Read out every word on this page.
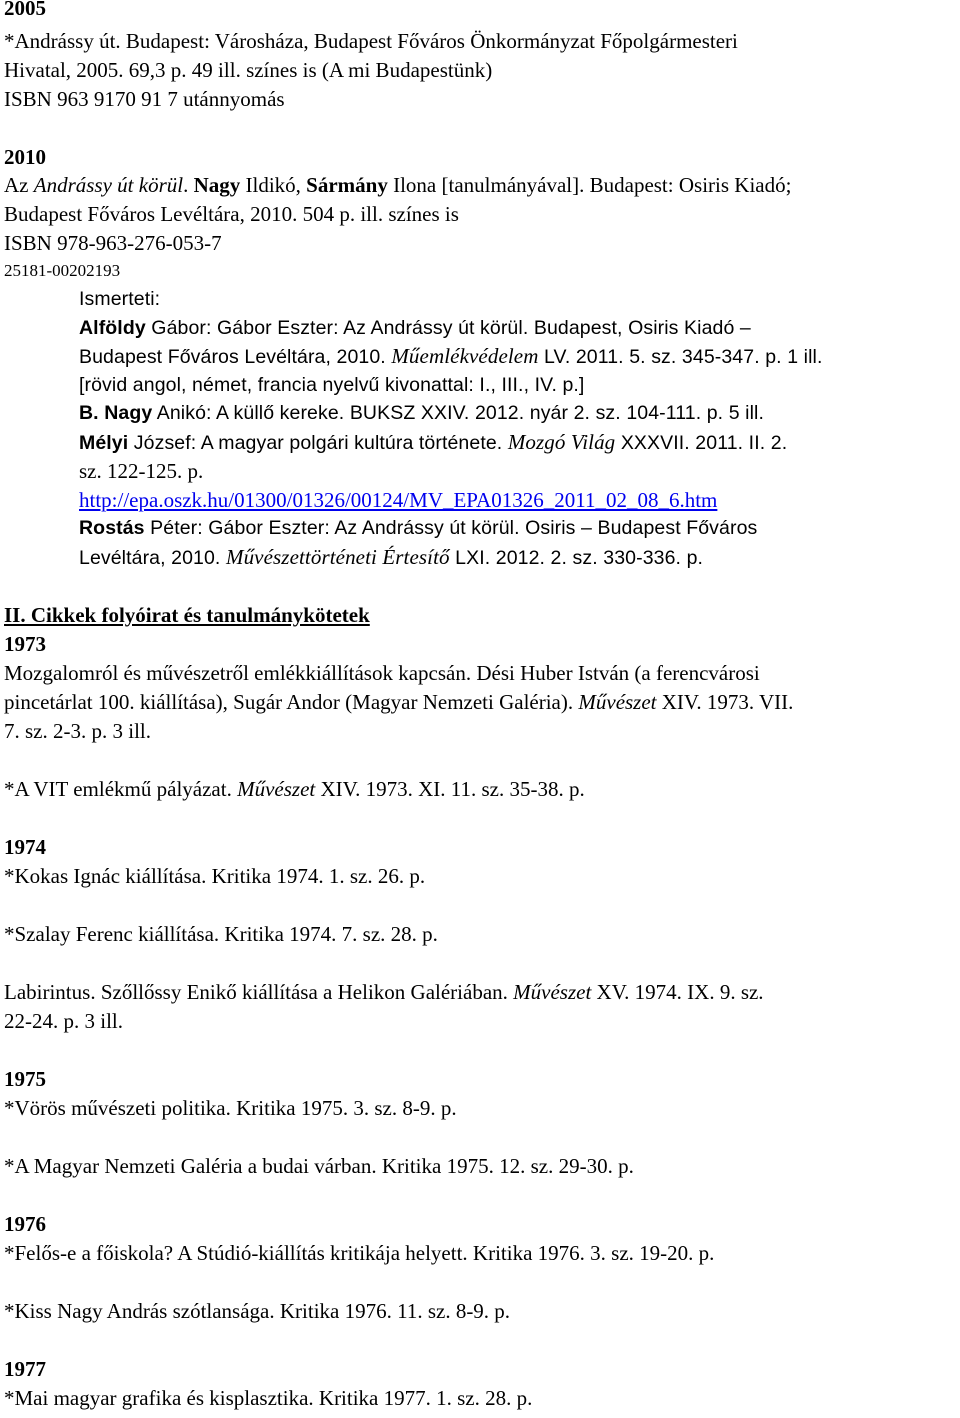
2005
*Andrássy út. Budapest: Városháza, Budapest Főváros Önkormányzat Főpolgármesteri
Hivatal, 2005. 69,3 p. 49 ill. színes is (A mi Budapestünk)
ISBN 963 9170 91 7 utánnyomás
2010
Az Andrássy út körül. Nagy Ildikó, Sármány Ilona [tanulmányával]. Budapest: Osiris Kiadó;
Budapest Főváros Levéltára, 2010. 504 p. ill. színes is
ISBN 978-963-276-053-7
25181-00202193
Ismerteti:
Alföldy Gábor: Gábor Eszter: Az Andrássy út körül. Budapest, Osiris Kiadó –
Budapest Főváros Levéltára, 2010. Műemlékvédelem LV. 2011. 5. sz. 345-347. p. 1 ill.
[rövid angol, német, francia nyelvű kivonattal: I., III., IV. p.]
B. Nagy Anikó: A küllő kereke. BUKSZ XXIV. 2012. nyár 2. sz. 104-111. p. 5 ill.
Mélyi József: A magyar polgári kultúra története. Mozgó Világ XXXVII. 2011. II. 2.
sz. 122-125. p.
http://epa.oszk.hu/01300/01326/00124/MV_EPA01326_2011_02_08_6.htm
Rostás Péter: Gábor Eszter: Az Andrássy út körül. Osiris – Budapest Főváros
Levéltára, 2010. Művészettörténeti Értesítő LXI. 2012. 2. sz. 330-336. p.
II. Cikkek folyóirat és tanulmánykötetek
1973
Mozgalomról és művészetről emlékkiállítások kapcsán. Dési Huber István (a ferencvárosi
pincetárlat 100. kiállítása), Sugár Andor (Magyar Nemzeti Galéria). Művészet XIV. 1973. VII.
7. sz. 2-3. p. 3 ill.
*A VIT emlékmű pályázat. Művészet XIV. 1973. XI. 11. sz. 35-38. p.
1974
*Kokas Ignác kiállítása. Kritika 1974. 1. sz. 26. p.
*Szalay Ferenc kiállítása. Kritika 1974. 7. sz. 28. p.
Labirintus. Szőllőssy Enikő kiállítása a Helikon Galériában. Művészet XV. 1974. IX. 9. sz.
22-24. p. 3 ill.
1975
*Vörös művészeti politika. Kritika 1975. 3. sz. 8-9. p.
*A Magyar Nemzeti Galéria a budai várban. Kritika 1975. 12. sz. 29-30. p.
1976
*Felős-e a főiskola? A Stúdió-kiállítás kritikája helyett. Kritika 1976. 3. sz. 19-20. p.
*Kiss Nagy András szótlansága. Kritika 1976. 11. sz. 8-9. p.
1977
*Mai magyar grafika és kisplasztika. Kritika 1977. 1. sz. 28. p.
